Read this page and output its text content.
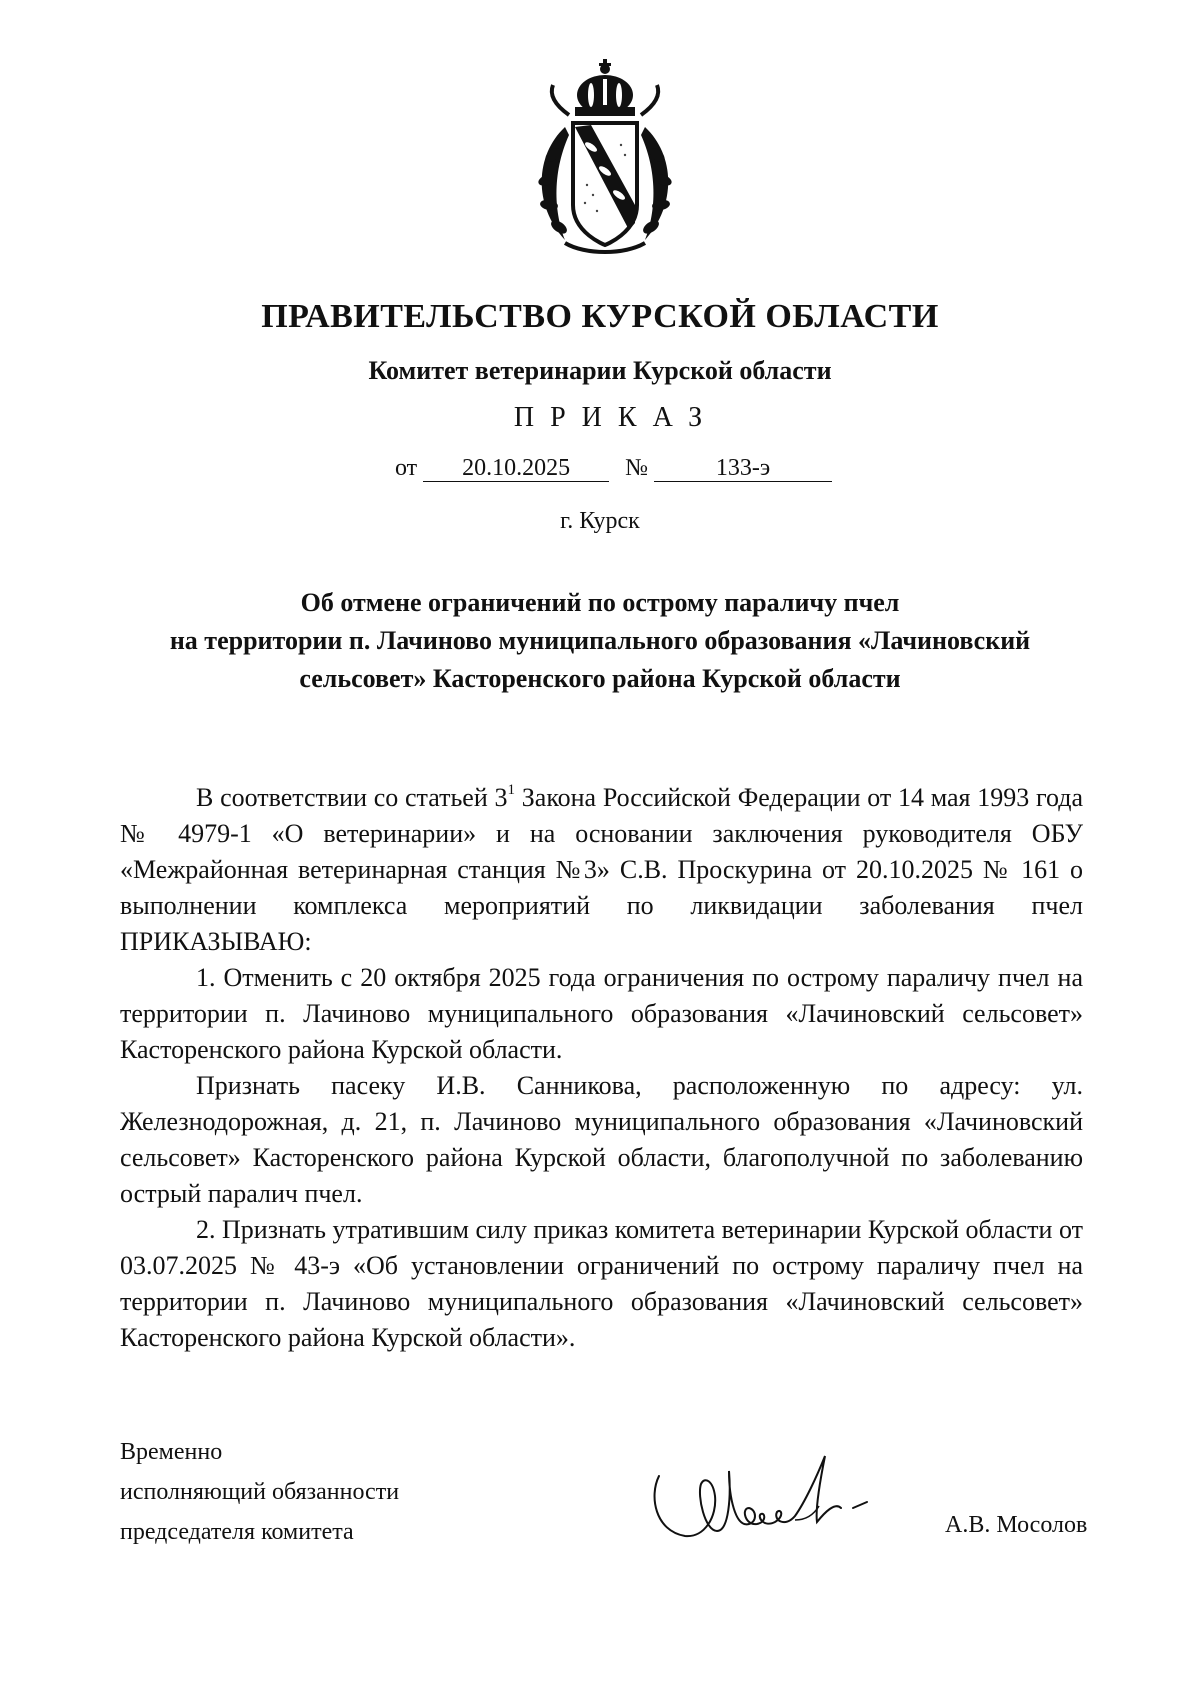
ПРАВИТЕЛЬСТВО КУРСКОЙ ОБЛАСТИ
Комитет ветеринарии Курской области
ПРИКАЗ
от 20.10.2025 №	133-э
г. Курск
Об отмене ограничений по острому параличу пчел
на территории п. Лачиново муниципального образования «Лачиновский
сельсовет» Касторенского района Курской области

В соответствии со статьей $3^1$ Закона Российской Федерации от 14 мая 1993 года № 4979-1 «О ветеринарии» и на основании заключения руководителя ОБУ «Межрайонная ветеринарная станция №3» С.В. Проскурина от 20.10.2025 № 161 о выполнении комплекса мероприятий по ликвидации заболевания пчел ПРИКАЗЫВАЮ:

1. Отменить с 20 октября 2025 года ограничения по острому параличу пчел на территории п. Лачиново муниципального образования «Лачиновский сельсовет» Касторенского района Курской области.

Признать пасеку И.В. Санникова, расположенную по адресу: ул. Железнодорожная, д. 21, п. Лачиново муниципального образования «Лачиновский сельсовет» Касторенского района Курской области, благополучной по заболеванию острый паралич пчел.

2. Признать утратившим силу приказ комитета ветеринарии Курской области от 03.07.2025 № 43-э «Об установлении ограничений по острому параличу пчел на территории п. Лачиново муниципального образования «Лачиновский сельсовет» Касторенского района Курской области».

Временно
исполняющий обязанности
председателя комитета	А.В. Мосолов
